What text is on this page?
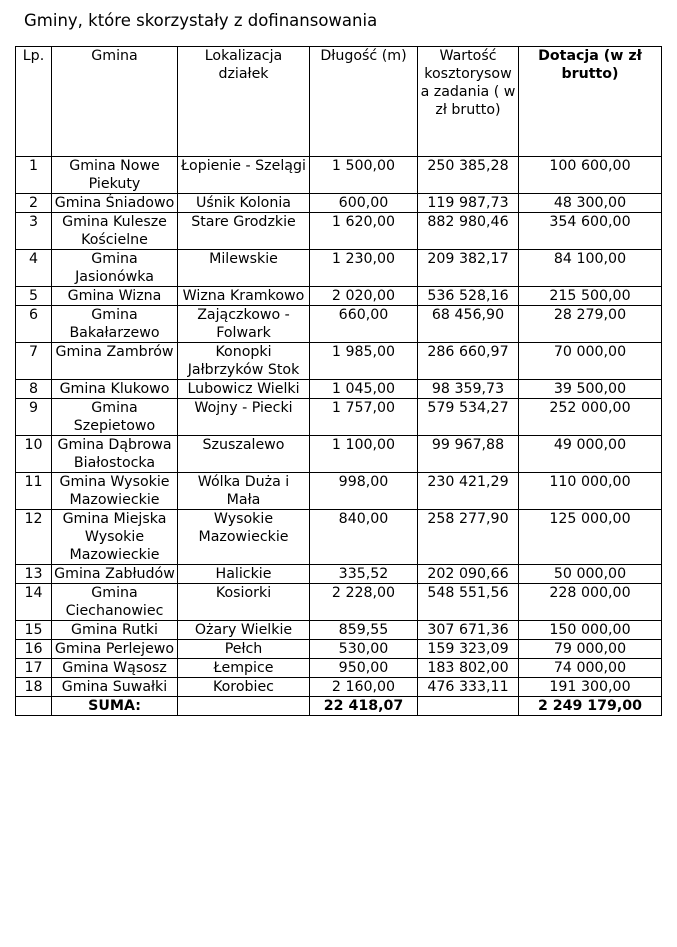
Gminy, które skorzystały z dofinansowania
Lp.	Gmina	Lokalizacja działek	Długość (m)	Wartość kosztorysowa zadania ( w zł brutto)	Dotacja (w zł brutto)
1	Gmina Nowe Piekuty	Łopienie - Szelągi	1 500,00	250 385,28	100 600,00
2	Gmina Śniadowo	Uśnik Kolonia	600,00	119 987,73	48 300,00
3	Gmina Kulesze Kościelne	Stare Grodzkie	1 620,00	882 980,46	354 600,00
4	Gmina Jasionówka	Milewskie	1 230,00	209 382,17	84 100,00
5	Gmina Wizna	Wizna Kramkowo	2 020,00	536 528,16	215 500,00
6	Gmina Bakałarzewo	Zajączkowo - Folwark	660,00	68 456,90	28 279,00
7	Gmina Zambrów	Konopki Jałbrzyków Stok	1 985,00	286 660,97	70 000,00
8	Gmina Klukowo	Lubowicz Wielki	1 045,00	98 359,73	39 500,00
9	Gmina Szepietowo	Wojny - Piecki	1 757,00	579 534,27	252 000,00
10	Gmina Dąbrowa Białostocka	Szuszalewo	1 100,00	99 967,88	49 000,00
11	Gmina Wysokie Mazowieckie	Wólka Duża i Mała	998,00	230 421,29	110 000,00
12	Gmina Miejska Wysokie Mazowieckie	Wysokie Mazowieckie	840,00	258 277,90	125 000,00
13	Gmina Zabłudów	Halickie	335,52	202 090,66	50 000,00
14	Gmina Ciechanowiec	Kosiorki	2 228,00	548 551,56	228 000,00
15	Gmina Rutki	Ożary Wielkie	859,55	307 671,36	150 000,00
16	Gmina Perlejewo	Pełch	530,00	159 323,09	79 000,00
17	Gmina Wąsosz	Łempice	950,00	183 802,00	74 000,00
18	Gmina Suwałki	Korobiec	2 160,00	476 333,11	191 300,00
	SUMA:		22 418,07		2 249 179,00
